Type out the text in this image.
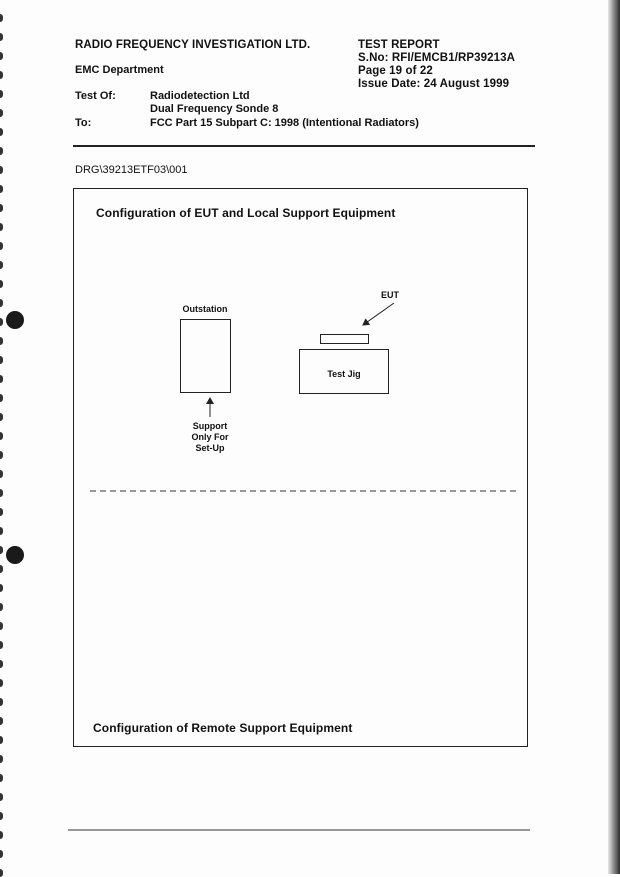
RADIO FREQUENCY INVESTIGATION LTD.
EMC Department
Test Of:	Radiodetection Ltd
Dual Frequency Sonde 8
To:	FCC Part 15 Subpart C: 1998 (Intentional Radiators)
TEST REPORT
S.No: RFI/EMCB1/RP39213A
Page 19 of 22
Issue Date: 24 August 1999
DRG\39213ETF03\001
Configuration of EUT and Local Support Equipment
Outstation
EUT
Test Jig
Support
Only For
Set-Up
Configuration of Remote Support Equipment
